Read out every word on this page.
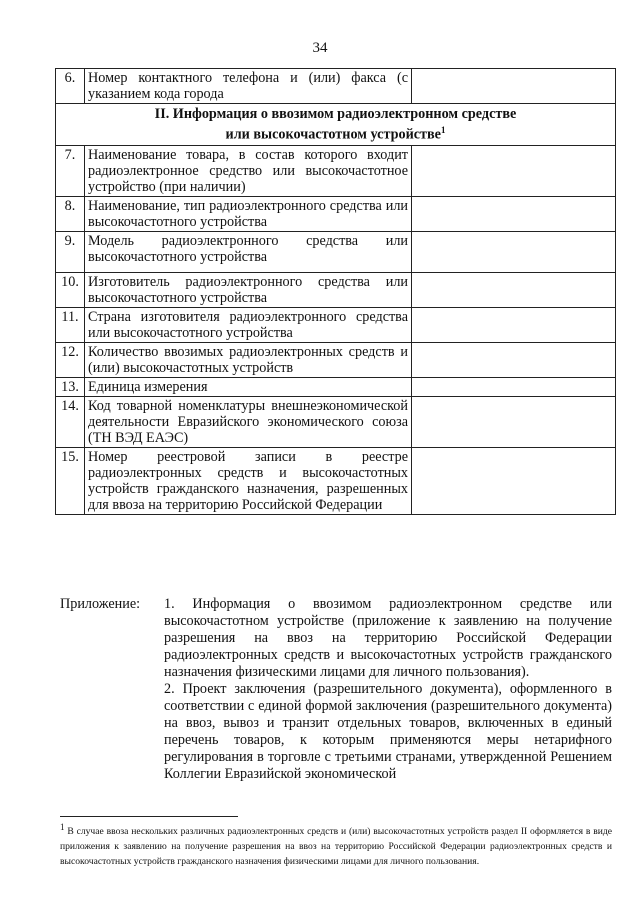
34
6.	Номер контактного телефона и (или) факса (с указанием кода города	
II. Информация о ввозимом радиоэлектронном средстве
или высокочастотном устройстве$^1$
7.	Наименование товара, в состав которого входит радиоэлектронное средство или высокочастотное устройство (при наличии)	
8.	Наименование, тип радиоэлектронного средства или высокочастотного устройства	
9.	Модель радиоэлектронного средства или высокочастотного устройства	
10.	Изготовитель радиоэлектронного средства или высокочастотного устройства	
11.	Страна изготовителя радиоэлектронного средства или высокочастотного устройства	
12.	Количество ввозимых радиоэлектронных средств и (или) высокочастотных устройств	
13.	Единица измерения	
14.	Код товарной номенклатуры внешнеэкономической деятельности Евразийского экономического союза (ТН ВЭД ЕАЭС)	
15.	Номер реестровой записи в реестре радиоэлектронных средств и высокочастотных устройств гражданского назначения, разрешенных для ввоза на территорию Российской Федерации	
Приложение: 1. Информация о ввозимом радиоэлектронном средстве или высокочастотном устройстве (приложение к заявлению на получение разрешения на ввоз на территорию Российской Федерации радиоэлектронных средств и высокочастотных устройств гражданского назначения физическими лицами для личного пользования).
2. Проект заключения (разрешительного документа), оформленного в соответствии с единой формой заключения (разрешительного документа) на ввоз, вывоз и транзит отдельных товаров, включенных в единый перечень товаров, к которым применяются меры нетарифного регулирования в торговле с третьими странами, утвержденной Решением Коллегии Евразийской экономической
$^1$ В случае ввоза нескольких различных радиоэлектронных средств и (или) высокочастотных устройств раздел II оформляется в виде приложения к заявлению на получение разрешения на ввоз на территорию Российской Федерации радиоэлектронных средств и высокочастотных устройств гражданского назначения физическими лицами для личного пользования.
